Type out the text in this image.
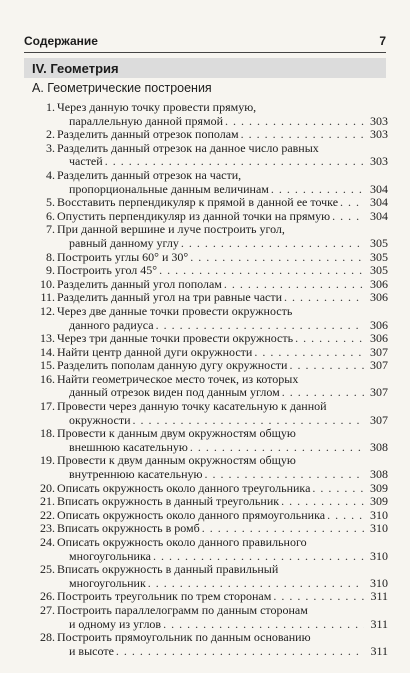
Содержание	7
IV. Геометрия
А. Геометрические построения
1. Через данную точку провести прямую,
параллельную данной прямой . . .	303
2. Разделить данный отрезок пополам . . .	303
3. Разделить данный отрезок на данное число равных
частей . . .	303
4. Разделить данный отрезок на части,
пропорциональные данным величинам . . .	304
5. Восставить перпендикуляр к прямой в данной ее точке . . .	304
6. Опустить перпендикуляр из данной точки на прямую . . .	304
7. При данной вершине и луче построить угол,
равный данному углу . . .	305
8. Построить углы 60° и 30° . . .	305
9. Построить угол 45° . . .	305
10. Разделить данный угол пополам . . .	306
11. Разделить данный угол на три равные части . . .	306
12. Через две данные точки провести окружность
данного радиуса . . .	306
13. Через три данные точки провести окружность . . .	306
14. Найти центр данной дуги окружности . . .	307
15. Разделить пополам данную дугу окружности . . .	307
16. Найти геометрическое место точек, из которых
данный отрезок виден под данным углом . . .	307
17. Провести через данную точку касательную к данной
окружности . . .	307
18. Провести к данным двум окружностям общую
внешнюю касательную . . .	308
19. Провести к двум данным окружностям общую
внутреннюю касательную . . .	308
20. Описать окружность около данного треугольника . . .	309
21. Вписать окружность в данный треугольник . . .	309
22. Описать окружность около данного прямоугольника . . .	310
23. Вписать окружность в ромб . . .	310
24. Описать окружность около данного правильного
многоугольника . . .	310
25. Вписать окружность в данный правильный
многоугольник . . .	310
26. Построить треугольник по трем сторонам . . .	311
27. Построить параллелограмм по данным сторонам
и одному из углов . . .	311
28. Построить прямоугольник по данным основанию
и высоте . . .	311
